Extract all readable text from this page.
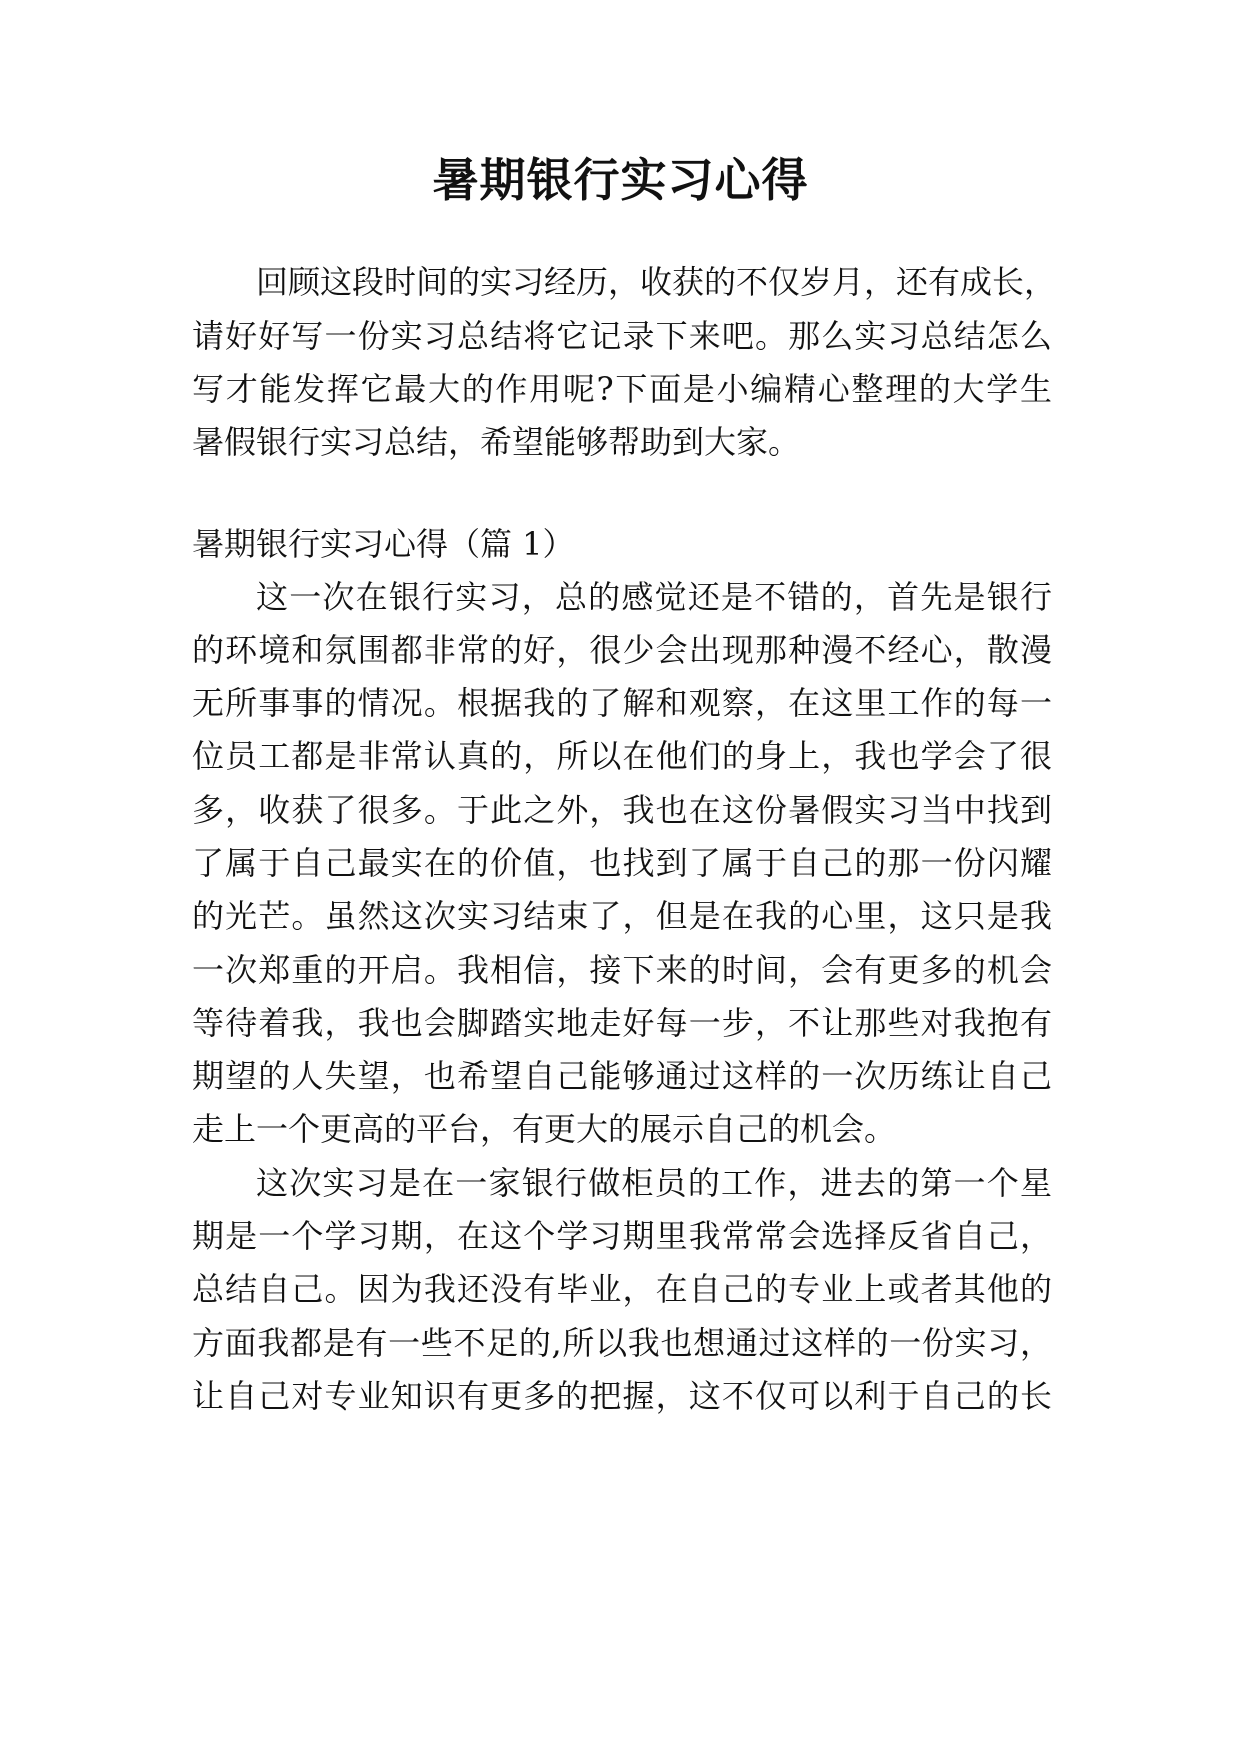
暑期银行实习心得

回顾这段时间的实习经历，收获的不仅岁月，还有成长，

请好好写一份实习总结将它记录下来吧。那么实习总结怎么

写才能发挥它最大的作用呢?下面是小编精心整理的大学生

暑假银行实习总结，希望能够帮助到大家。

暑期银行实习心得（篇 1）

这一次在银行实习，总的感觉还是不错的，首先是银行

的环境和氛围都非常的好，很少会出现那种漫不经心，散漫

无所事事的情况。根据我的了解和观察，在这里工作的每一

位员工都是非常认真的，所以在他们的身上，我也学会了很

多，收获了很多。于此之外，我也在这份暑假实习当中找到

了属于自己最实在的价值，也找到了属于自己的那一份闪耀

的光芒。虽然这次实习结束了，但是在我的心里，这只是我

一次郑重的开启。我相信，接下来的时间，会有更多的机会

等待着我，我也会脚踏实地走好每一步，不让那些对我抱有

期望的人失望，也希望自己能够通过这样的一次历练让自己

走上一个更高的平台，有更大的展示自己的机会。

这次实习是在一家银行做柜员的工作，进去的第一个星

期是一个学习期，在这个学习期里我常常会选择反省自己，

总结自己。因为我还没有毕业，在自己的专业上或者其他的

方面我都是有一些不足的,所以我也想通过这样的一份实习，

让自己对专业知识有更多的把握，这不仅可以利于自己的长
